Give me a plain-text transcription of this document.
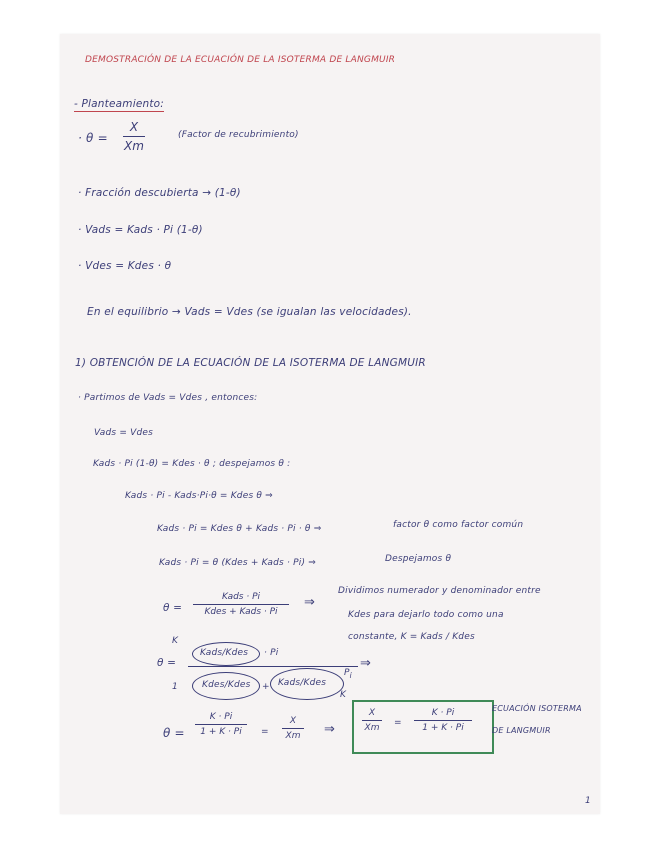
DEMOSTRACIÓN DE LA ECUACIÓN DE LA ISOTERMA DE LANGMUIR
- Planteamiento:
· θ =
X
Xm
(Factor de recubrimiento)
· Fracción descubierta → (1-θ)
· Vads = Kads · Pi (1-θ)
· Vdes = Kdes · θ
En el equilibrio → Vads = Vdes (se igualan las velocidades).
1) OBTENCIÓN DE LA ECUACIÓN DE LA ISOTERMA DE LANGMUIR
· Partimos de Vads = Vdes , entonces:
Vads = Vdes
Kads · Pi (1-θ) = Kdes · θ ; despejamos θ :
Kads · Pi - Kads·Pi·θ = Kdes θ ⇒
Kads · Pi = Kdes θ + Kads · Pi · θ ⇒	factor θ como factor común
Kads · Pi = θ (Kdes + Kads · Pi) ⇒	Despejamos θ
θ =
Kads · Pi
Kdes + Kads · Pi
⇒
Dividimos numerador y denominador entre
Kdes para dejarlo todo como una
constante, K = Kads / Kdes
K
θ =
Kads/Kdes · Pi
⇒
$P_i$
1	Kdes/Kdes + Kads/Kdes
K
θ =
K · Pi
1 + K · Pi	=
X
Xm ⇒
X
Xm =
K · Pi
1 + K · Pi
ECUACIÓN ISOTERMA
DE LANGMUIR
1
